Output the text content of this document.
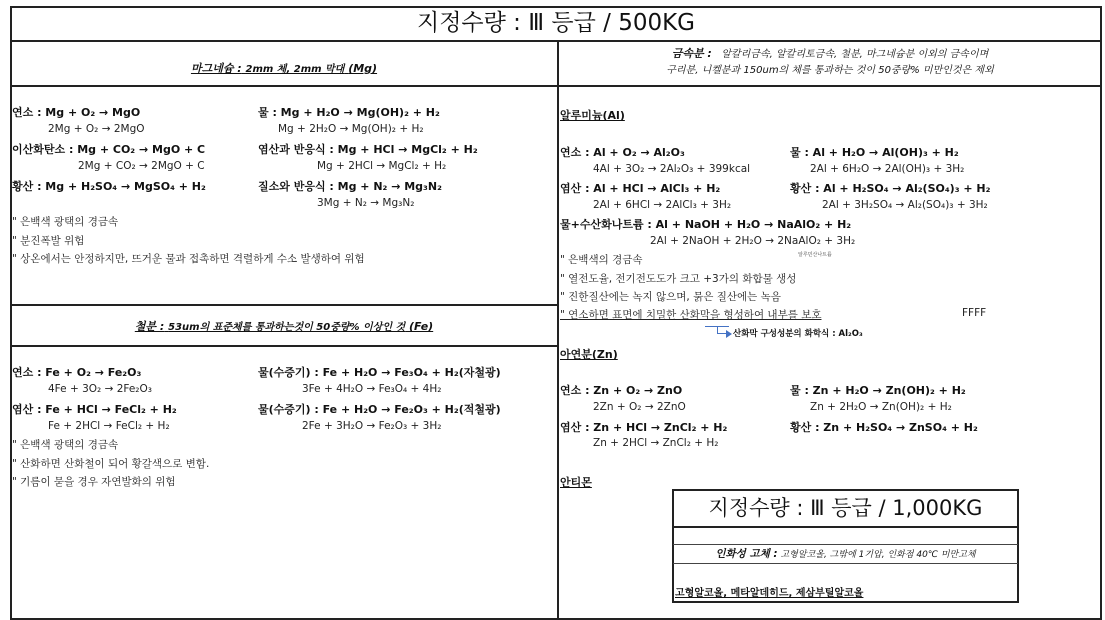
지정수량 : Ⅲ 등급 / 500KG
마그네슘 : 2mm 체, 2mm 막대 (Mg)
연소 : Mg + O₂ → MgO
2Mg + O₂ → 2MgO
이산화탄소 : Mg + CO₂ → MgO + C
2Mg + CO₂ → 2MgO + C
황산 : Mg + H₂SO₄ → MgSO₄ + H₂
물 : Mg + H₂O → Mg(OH)₂ + H₂
Mg + 2H₂O → Mg(OH)₂ + H₂
염산과 반응식 : Mg + HCl → MgCl₂ + H₂
Mg + 2HCl → MgCl₂ + H₂
질소와 반응식 : Mg + N₂ → Mg₃N₂
3Mg + N₂ → Mg₃N₂
" 은백색 광택의 경금속
" 분진폭발 위험
" 상온에서는 안정하지만, 뜨거운 물과 접촉하면 격렬하게 수소 발생하여 위험
철분 : 53um의 표준체를 통과하는것이 50중량% 이상인 것 (Fe)
연소 : Fe + O₂ → Fe₂O₃
4Fe + 3O₂ → 2Fe₂O₃
염산 : Fe + HCl → FeCl₂ + H₂
Fe + 2HCl → FeCl₂ + H₂
물(수증기) : Fe + H₂O → Fe₃O₄ + H₂(자철광)
3Fe + 4H₂O → Fe₃O₄ + 4H₂
물(수증기) : Fe + H₂O → Fe₂O₃ + H₂(적철광)
2Fe + 3H₂O → Fe₂O₃ + 3H₂
" 은백색 광택의 경금속
" 산화하면 산화철이 되어 황갈색으로 변함.
" 기름이 묻을 경우 자연발화의 위험
금속분 : 알칼리금속, 알칼리토금속, 철분, 마그네슘분 이외의 금속이며
구리분, 니켈분과 150um의 체를 통과하는 것이 50중량% 미만인것은 제외
알루미늄(Al)
연소 : Al + O₂ → Al₂O₃
4Al + 3O₂ → 2Al₂O₃ + 399kcal
염산 : Al + HCl → AlCl₃ + H₂
2Al + 6HCl → 2AlCl₃ + 3H₂
물+수산화나트륨 : Al + NaOH + H₂O → NaAlO₂ + H₂
2Al + 2NaOH + 2H₂O → 2NaAlO₂ + 3H₂
물 : Al + H₂O → Al(OH)₃ + H₂
2Al + 6H₂O → 2Al(OH)₃ + 3H₂
황산 : Al + H₂SO₄ → Al₂(SO₄)₃ + H₂
2Al + 3H₂SO₄ → Al₂(SO₄)₃ + 3H₂
알루민산나트륨
" 은백색의 경금속
" 열전도율, 전기전도도가 크고 +3가의 화합물 생성
" 진한질산에는 녹지 않으며, 묽은 질산에는 녹음
" 연소하면 표면에 치밀한 산화막을 형성하여 내부를 보호	FFFF
산화막 구성성분의 화학식 : Al₂O₃
아연분(Zn)
연소 : Zn + O₂ → ZnO
2Zn + O₂ → 2ZnO
염산 : Zn + HCl → ZnCl₂ + H₂
Zn + 2HCl → ZnCl₂ + H₂
물 : Zn + H₂O → Zn(OH)₂ + H₂
Zn + 2H₂O → Zn(OH)₂ + H₂
황산 : Zn + H₂SO₄ → ZnSO₄ + H₂
안티몬
지정수량 : Ⅲ 등급 / 1,000KG
인화성 고체 : 고형알코올, 그밖에 1기압, 인화점 40℃ 미만고체
고형알코올, 메타알데히드, 제삼부틸알코올
